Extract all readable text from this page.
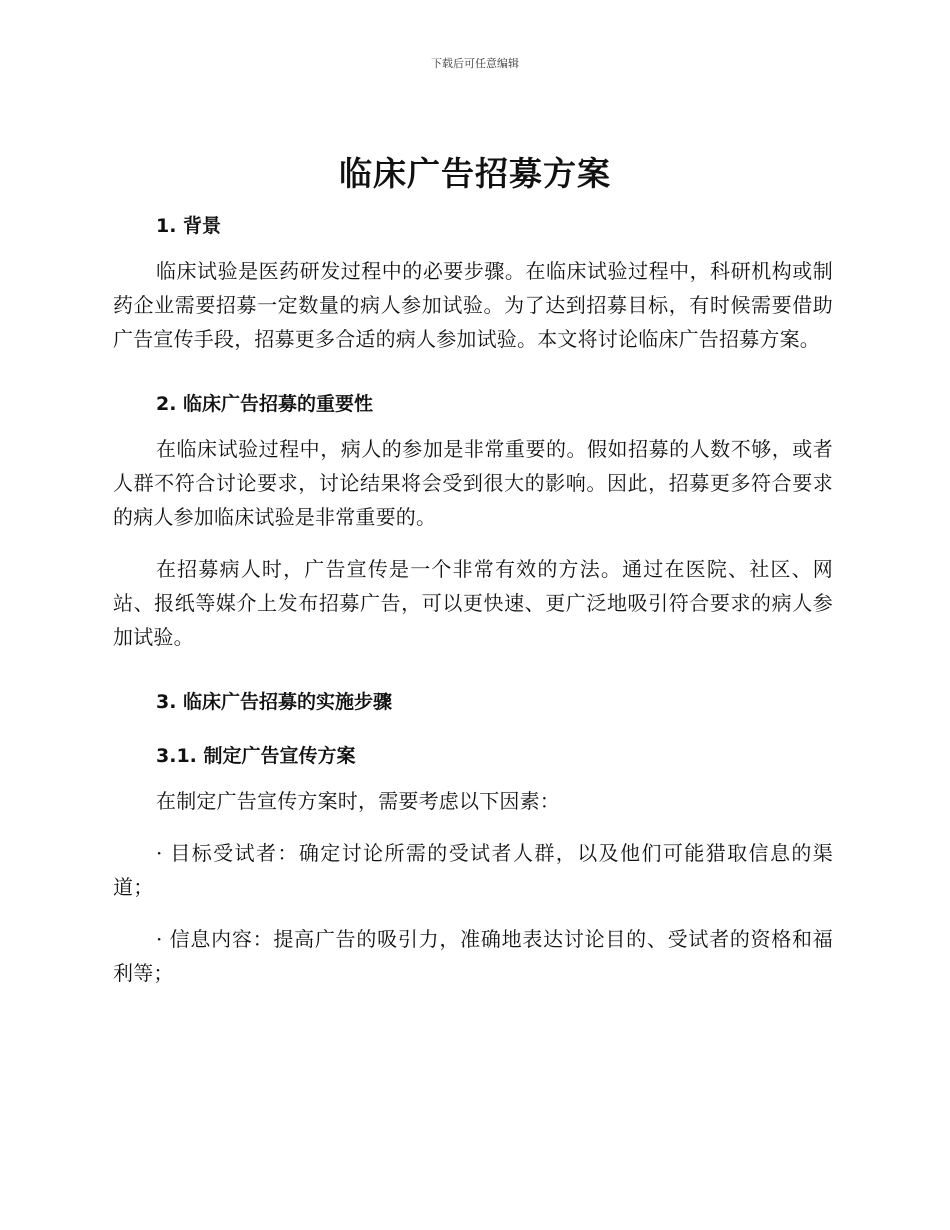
下载后可任意编辑
临床广告招募方案
1. 背景

临床试验是医药研发过程中的必要步骤。在临床试验过程中，科研机构或制药企业需要招募一定数量的病人参加试验。为了达到招募目标，有时候需要借助广告宣传手段，招募更多合适的病人参加试验。本文将讨论临床广告招募方案。

2. 临床广告招募的重要性

在临床试验过程中，病人的参加是非常重要的。假如招募的人数不够，或者人群不符合讨论要求，讨论结果将会受到很大的影响。因此，招募更多符合要求的病人参加临床试验是非常重要的。

在招募病人时，广告宣传是一个非常有效的方法。通过在医院、社区、网站、报纸等媒介上发布招募广告，可以更快速、更广泛地吸引符合要求的病人参加试验。

3. 临床广告招募的实施步骤
3.1. 制定广告宣传方案

在制定广告宣传方案时，需要考虑以下因素：

· 目标受试者：确定讨论所需的受试者人群，以及他们可能猎取信息的渠道；

· 信息内容：提高广告的吸引力，准确地表达讨论目的、受试者的资格和福利等；
